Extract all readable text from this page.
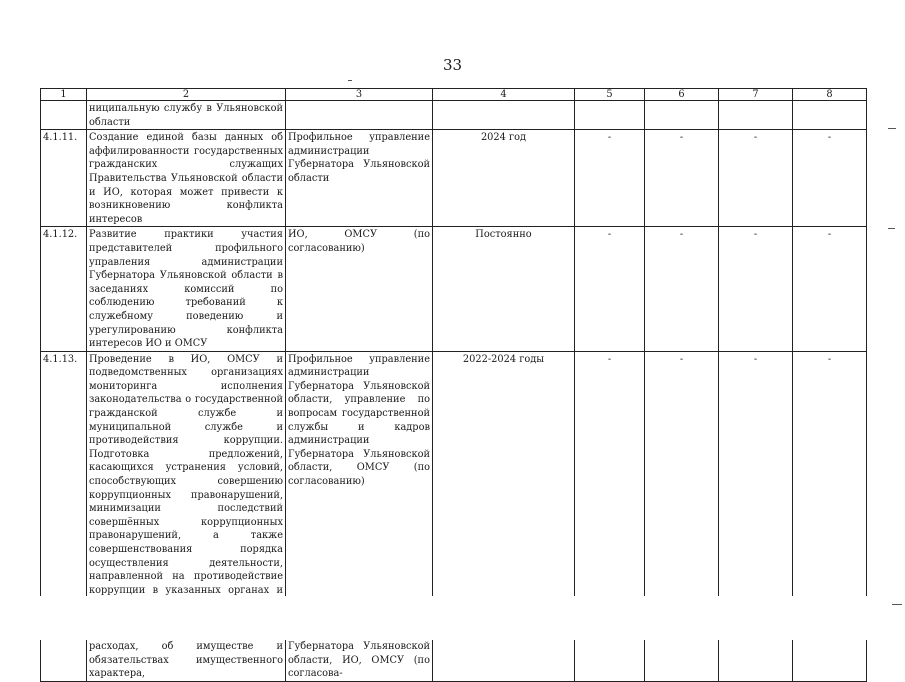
33
1	2	3	4	5	6	7	8
	ниципальную службу в Ульяновской области						
4.1.11.	Создание единой базы данных об аффилированности государственных гражданских служащих Правительства Ульяновской области и ИО, которая может привести к возникновению конфликта интересов	Профильное управление администрации Губернатора Ульяновской области	2024 год	-	-	-	-
4.1.12.	Развитие практики участия представителей профильного управления администрации Губернатора Ульяновской области в заседаниях комиссий по соблюдению требований к служебному поведению и урегулированию конфликта интересов ИО и ОМСУ	ИО, ОМСУ (по согласованию)	Постоянно	-	-	-	-
4.1.13.	Проведение в ИО, ОМСУ и подведомственных организациях мониторинга исполнения законодательства о государственной гражданской службе и муниципальной службе и противодействия коррупции. Подготовка предложений, касающихся устранения условий, способствующих совершению коррупционных правонарушений, минимизации последствий совершённых коррупционных правонарушений, а также совершенствования порядка осуществления деятельности, направленной на противодействие коррупции в указанных органах и	Профильное управление администрации Губернатора Ульяновской области, управление по вопросам государственной службы и кадров администрации Губернатора Ульяновской области, ОМСУ (по согласованию)	2022-2024 годы	-	-	-	-
	расходах, об имуществе и обязательствах имущественного характера,	Губернатора Ульяновской области, ИО, ОМСУ (по согласова-					
